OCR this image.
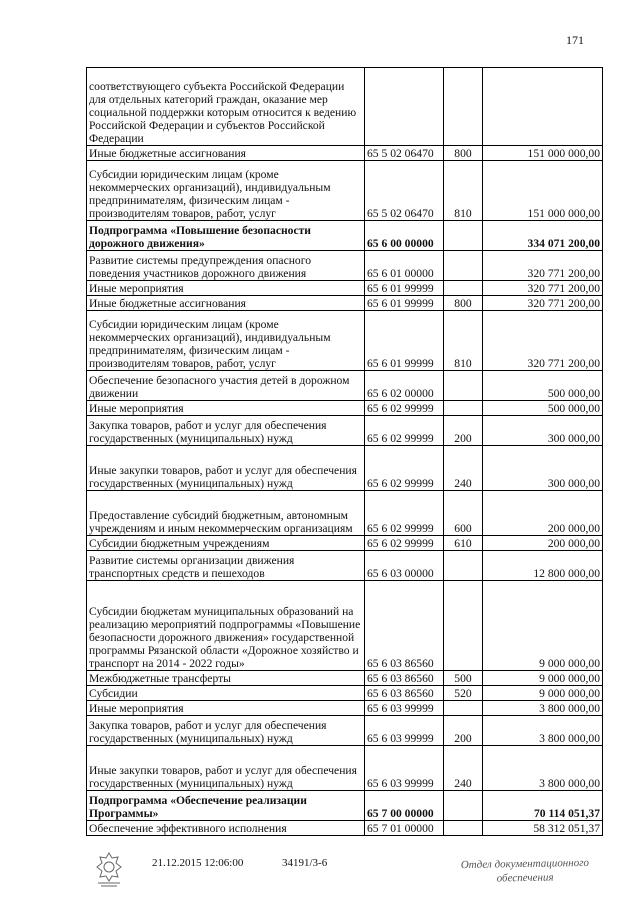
171
соответствующего субъекта Российской Федерации для отдельных категорий граждан, оказание мер социальной поддержки которым относится к ведению Российской Федерации и субъектов Российской Федерации			
Иные бюджетные ассигнования	65 5 02 06470	800	151 000 000,00
Субсидии юридическим лицам (кроме некоммерческих организаций), индивидуальным предпринимателям, физическим лицам - производителям товаров, работ, услуг	65 5 02 06470	810	151 000 000,00
Подпрограмма «Повышение безопасности дорожного движения»	65 6 00 00000		334 071 200,00
Развитие системы предупреждения опасного поведения участников дорожного движения	65 6 01 00000		320 771 200,00
Иные мероприятия	65 6 01 99999		320 771 200,00
Иные бюджетные ассигнования	65 6 01 99999	800	320 771 200,00
Субсидии юридическим лицам (кроме некоммерческих организаций), индивидуальным предпринимателям, физическим лицам - производителям товаров, работ, услуг	65 6 01 99999	810	320 771 200,00
Обеспечение безопасного участия детей в дорожном движении	65 6 02 00000		500 000,00
Иные мероприятия	65 6 02 99999		500 000,00
Закупка товаров, работ и услуг для обеспечения государственных (муниципальных) нужд	65 6 02 99999	200	300 000,00
Иные закупки товаров, работ и услуг для обеспечения государственных (муниципальных) нужд	65 6 02 99999	240	300 000,00
Предоставление субсидий бюджетным, автономным учреждениям и иным некоммерческим организациям	65 6 02 99999	600	200 000,00
Субсидии бюджетным учреждениям	65 6 02 99999	610	200 000,00
Развитие системы организации движения транспортных средств и пешеходов	65 6 03 00000		12 800 000,00
Субсидии бюджетам муниципальных образований на реализацию мероприятий подпрограммы «Повышение безопасности дорожного движения» государственной программы Рязанской области «Дорожное хозяйство и транспорт на 2014 - 2022 годы»	65 6 03 86560		9 000 000,00
Межбюджетные трансферты	65 6 03 86560	500	9 000 000,00
Субсидии	65 6 03 86560	520	9 000 000,00
Иные мероприятия	65 6 03 99999		3 800 000,00
Закупка товаров, работ и услуг для обеспечения государственных (муниципальных) нужд	65 6 03 99999	200	3 800 000,00
Иные закупки товаров, работ и услуг для обеспечения государственных (муниципальных) нужд	65 6 03 99999	240	3 800 000,00
Подпрограмма «Обеспечение реализации Программы»	65 7 00 00000		70 114 051,37
Обеспечение эффективного исполнения	65 7 01 00000		58 312 051,37
21.12.2015 12:06:00	34191/3-6	Отдел документационного обеспечения
